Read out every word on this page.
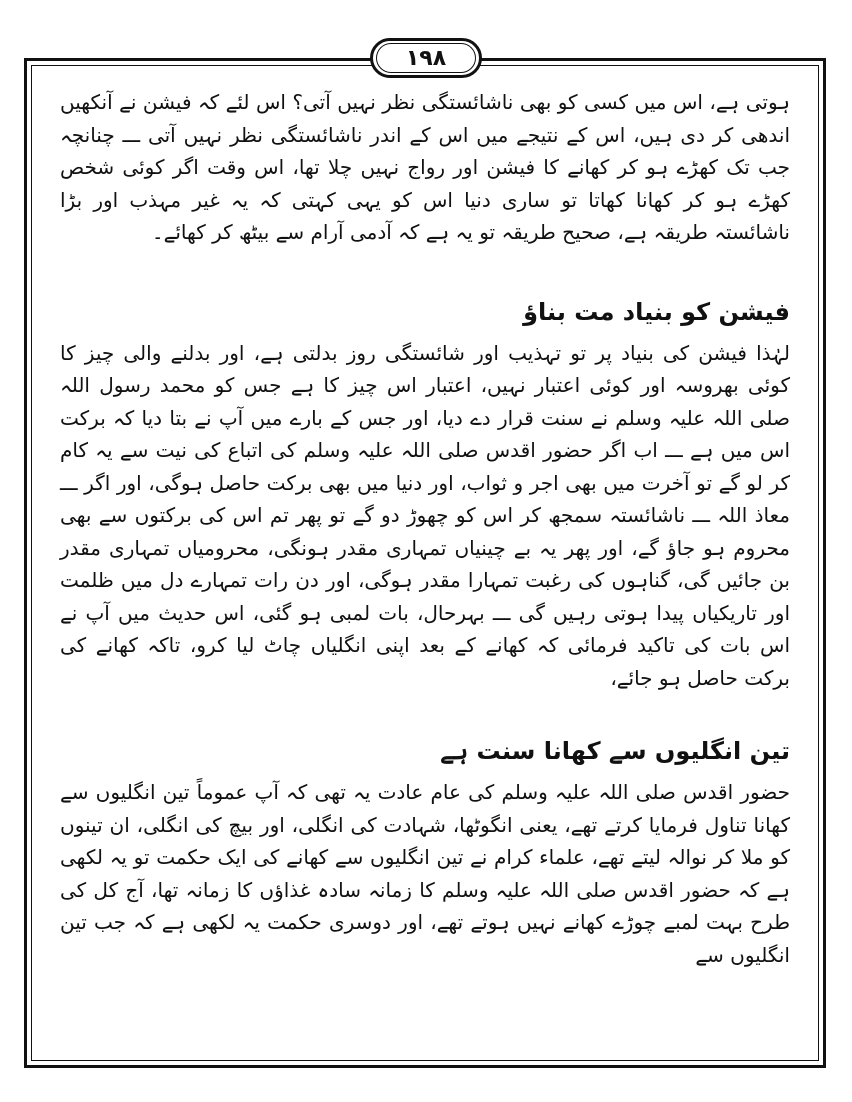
١٩٨

ہوتی ہے، اس میں کسی کو بھی ناشائستگی نظر نہیں آتی؟ اس لئے کہ فیشن نے آنکھیں اندھی کر دی ہیں، اس کے نتیجے میں اس کے اندر ناشائستگی نظر نہیں آتی ـــ چنانچہ جب تک کھڑے ہو کر کھانے کا فیشن اور رواج نہیں چلا تھا، اس وقت اگر کوئی شخص کھڑے ہو کر کھانا کھاتا تو ساری دنیا اس کو یہی کہتی کہ یہ غیر مہذب اور بڑا ناشائستہ طریقہ ہے، صحیح طریقہ تو یہ ہے کہ آدمی آرام سے بیٹھ کر کھائے۔

فیشن کو بنیاد مت بناؤ

لہٰذا فیشن کی بنیاد پر تو تہذیب اور شائستگی روز بدلتی ہے، اور بدلنے والی چیز کا کوئی بھروسہ اور کوئی اعتبار نہیں، اعتبار اس چیز کا ہے جس کو محمد رسول اللہ صلی اللہ علیہ وسلم نے سنت قرار دے دیا، اور جس کے بارے میں آپ نے بتا دیا کہ برکت اس میں ہے ـــ اب اگر حضور اقدس صلی اللہ علیہ وسلم کی اتباع کی نیت سے یہ کام کر لو گے تو آخرت میں بھی اجر و ثواب، اور دنیا میں بھی برکت حاصل ہوگی، اور اگر ـــ معاذ اللہ ـــ ناشائستہ سمجھ کر اس کو چھوڑ دو گے تو پھر تم اس کی برکتوں سے بھی محروم ہو جاؤ گے، اور پھر یہ بے چینیاں تمہاری مقدر ہونگی، محرومیاں تمہاری مقدر بن جائیں گی، گناہوں کی رغبت تمہارا مقدر ہوگی، اور دن رات تمہارے دل میں ظلمت اور تاریکیاں پیدا ہوتی رہیں گی ـــ بہرحال، بات لمبی ہو گئی، اس حدیث میں آپ نے اس بات کی تاکید فرمائی کہ کھانے کے بعد اپنی انگلیاں چاٹ لیا کرو، تاکہ کھانے کی برکت حاصل ہو جائے،

تین انگلیوں سے کھانا سنت ہے

حضور اقدس صلی اللہ علیہ وسلم کی عام عادت یہ تھی کہ آپ عموماً تین انگلیوں سے کھانا تناول فرمایا کرتے تھے، یعنی انگوٹھا، شہادت کی انگلی، اور بیچ کی انگلی، ان تینوں کو ملا کر نوالہ لیتے تھے، علماء کرام نے تین انگلیوں سے کھانے کی ایک حکمت تو یہ لکھی ہے کہ حضور اقدس صلی اللہ علیہ وسلم کا زمانہ سادہ غذاؤں کا زمانہ تھا، آج کل کی طرح بہت لمبے چوڑے کھانے نہیں ہوتے تھے، اور دوسری حکمت یہ لکھی ہے کہ جب تین انگلیوں سے
